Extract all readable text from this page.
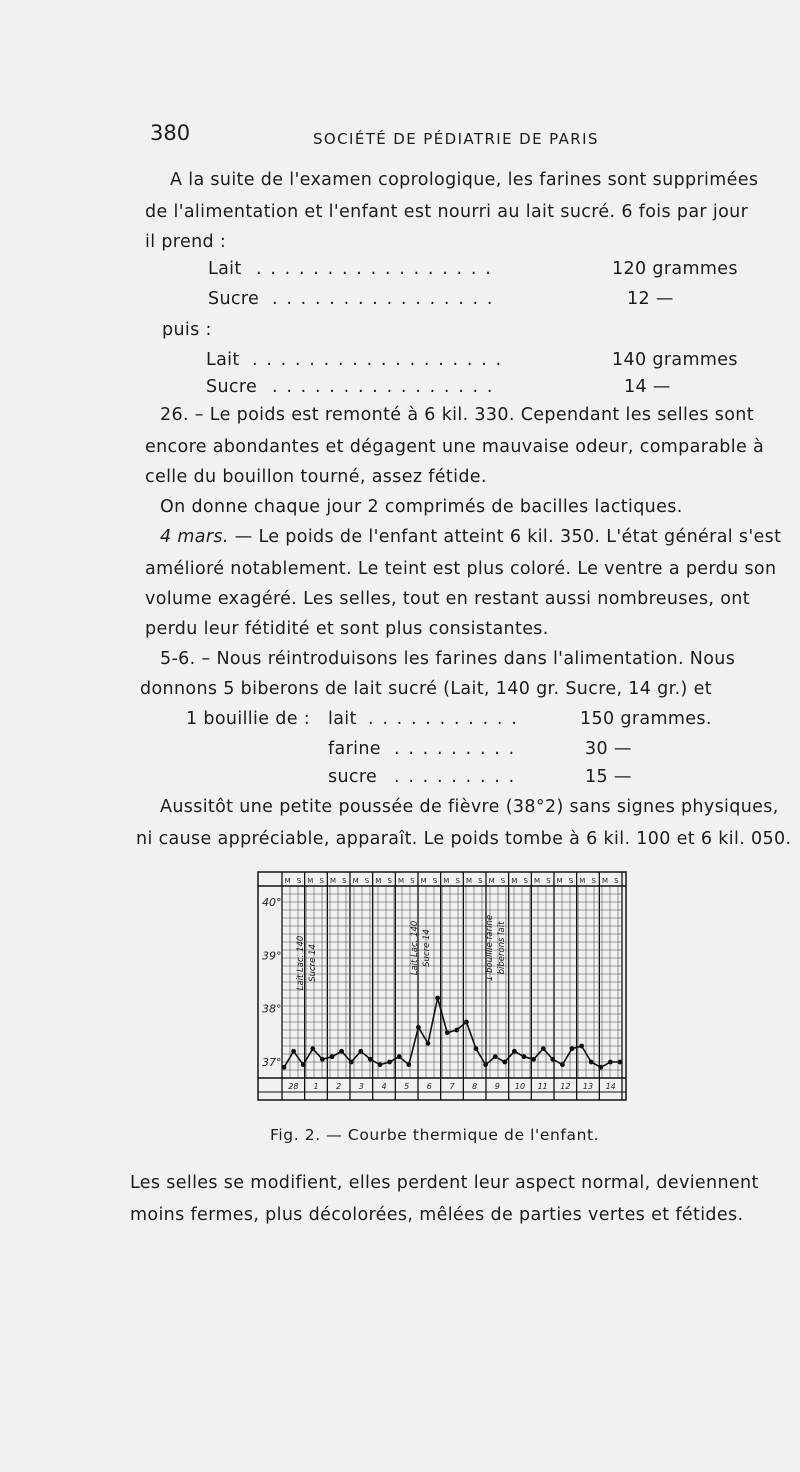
380	SOCIÉTÉ DE PÉDIATRIE DE PARIS
A la suite de l'examen coprologique, les farines sont supprimées
de l'alimentation et l'enfant est nourri au lait sucré. 6 fois par jour
il prend :
Lait . . . . . . . . . . . . . . . . .	120 grammes
Sucre . . . . . . . . . . . . . . . .	12 —
puis :
Lait . . . . . . . . . . . . . . . . . .	140 grammes
Sucre . . . . . . . . . . . . . . . .	14 —
26. – Le poids est remonté à 6 kil. 330. Cependant les selles sont
encore abondantes et dégagent une mauvaise odeur, comparable à
celle du bouillon tourné, assez fétide.
On donne chaque jour 2 comprimés de bacilles lactiques.
4 mars. — Le poids de l'enfant atteint 6 kil. 350. L'état général s'est
amélioré notablement. Le teint est plus coloré. Le ventre a perdu son
volume exagéré. Les selles, tout en restant aussi nombreuses, ont
perdu leur fétidité et sont plus consistantes.
5-6. – Nous réintroduisons les farines dans l'alimentation. Nous
donnons 5 biberons de lait sucré (Lait, 140 gr. Sucre, 14 gr.) et
1 bouillie de : lait . . . . . . . . . . .	150 grammes.
farine . . . . . . . . .	30 —
sucre . . . . . . . . .	15 —
Aussitôt une petite poussée de fièvre (38°2) sans signes physiques,
ni cause appréciable, apparaît. Le poids tombe à 6 kil. 100 et 6 kil. 050.
M S M S M S M S M S M S M S M S M S M S M S M S M S M S M S
Lait Lac. 140 Sucre 14	Lait Lac. 140 Sucre 14	1 bouillie farine biberons lait
40°
39°
38°
37°
28 1 2 3 4 5 6 7 8 9 10 11 12 13 14
Fig. 2. — Courbe thermique de l'enfant.
Les selles se modifient, elles perdent leur aspect normal, deviennent
moins fermes, plus décolorées, mêlées de parties vertes et fétides.
